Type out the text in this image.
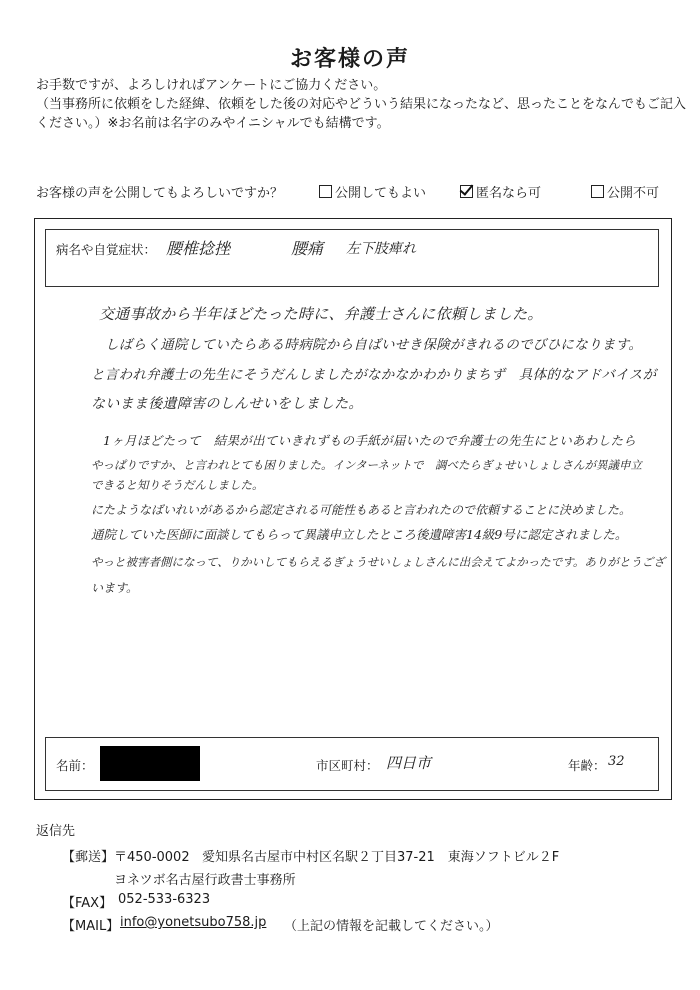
お客様の声
お手数ですが、よろしければアンケートにご協力ください。
（当事務所に依頼をした経緯、依頼をした後の対応やどういう結果になったなど、思ったことをなんでもご記入
ください。）※お名前は名字のみやイニシャルでも結構です。
お客様の声を公開してもよろしいですか？	公開してもよい	匿名なら可	公開不可
病名や自覚症状： 腰椎捻挫	腰痛 左下肢痺れ
交通事故から半年ほどたった時に、弁護士さんに依頼しました。
しばらく通院していたらある時病院から自ばいせき保険がきれるのでびひになります。
と言われ弁護士の先生にそうだんしましたがなかなかわかりまちず　具体的なアドバイスが
ないまま後遺障害のしんせいをしました。
1ヶ月ほどたって　結果が出ていきれずもの手紙が届いたので弁護士の先生にといあわしたら
やっぱりですか、と言われとても困りました。インターネットで　調べたらぎょせいしょしさんが異議申立
できると知りそうだんしました。
にたようなばいれいがあるから認定される可能性もあると言われたので依頼することに決めました。
通院していた医師に面談してもらって異議申立したところ後遺障害14級9号に認定されました。
やっと被害者側になって、りかいしてもらえるぎょうせいしょしさんに出会えてよかったです。ありがとうござ
います。
名前：	市区町村： 四日市	年齢： 32
返信先
【郵送】 〒450-0002 愛知県名古屋市中村区名駅２丁目37-21　東海ソフトビル２F
ヨネツボ名古屋行政書士事務所
【FAX】 052-533-6323
【MAIL】 info@yonetsubo758.jp （上記の情報を記載してください。）
